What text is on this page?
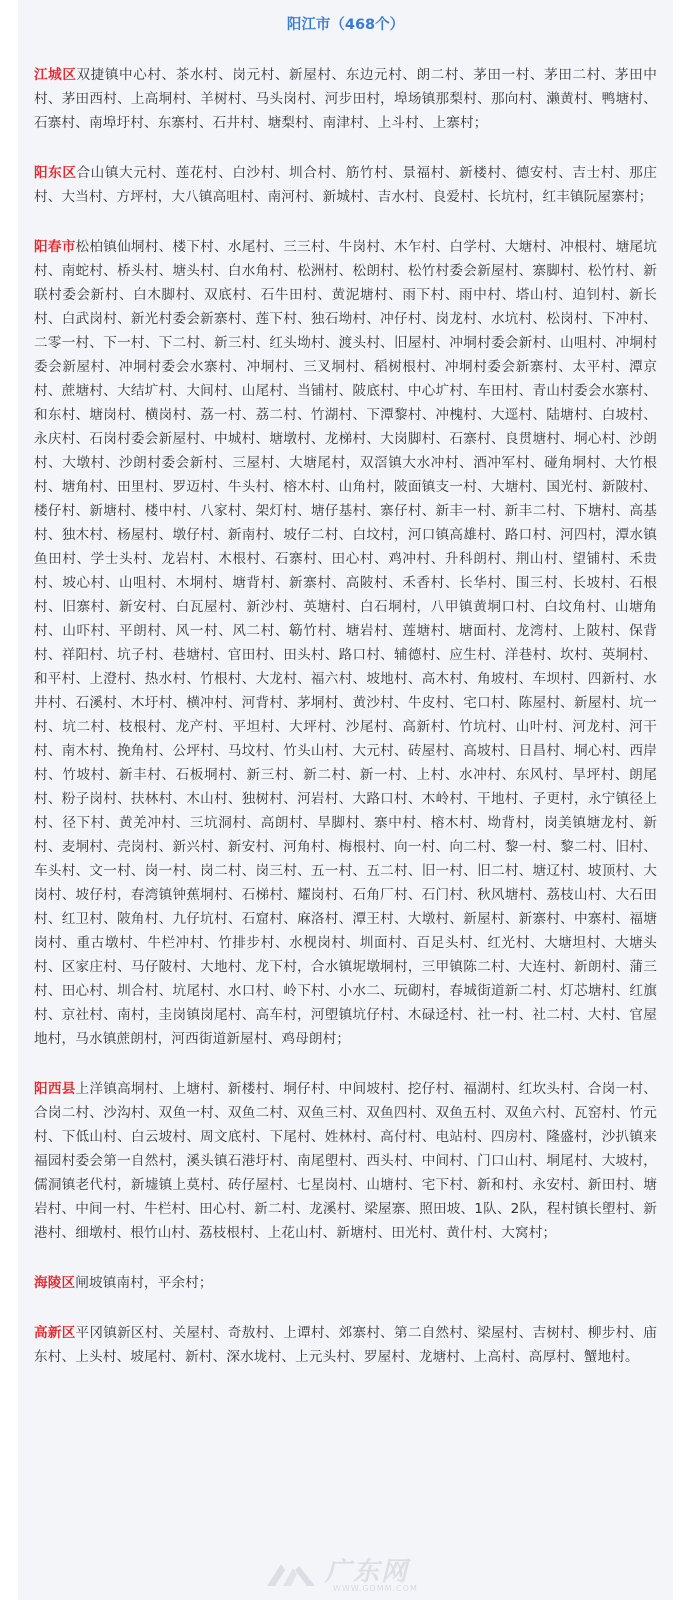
阳江市（468个）
江城区双捷镇中心村、茶水村、岗元村、新屋村、东边元村、朗二村、茅田一村、茅田二村、茅田中村、茅田西村、上高垌村、羊树村、马头岗村、河步田村，埠场镇那梨村、那向村、濑黄村、鸭塘村、石寨村、南埠圩村、东寨村、石井村、塘梨村、南津村、上斗村、上寨村；
阳东区合山镇大元村、莲花村、白沙村、圳合村、筋竹村、景福村、新楼村、德安村、吉士村、那庄村、大当村、方坪村，大八镇高咀村、南河村、新城村、吉水村、良爱村、长坑村，红丰镇阮屋寨村；
阳春市松柏镇仙垌村、楼下村、水尾村、三三村、牛岗村、木乍村、白学村、大塘村、冲根村、塘尾坑村、南蛇村、桥头村、塘头村、白水角村、松洲村、松朗村、松竹村委会新屋村、寨脚村、松竹村、新联村委会新村、白木脚村、双底村、石牛田村、黄泥塘村、雨下村、雨中村、塔山村、迫钊村、新长村、白武岗村、新光村委会新寨村、莲下村、独石坳村、冲仔村、岗龙村、水坑村、松岗村、下冲村、二零一村、下一村、下二村、新三村、红头坳村、渡头村、旧屋村、冲垌村委会新村、山咀村、冲垌村委会新屋村、冲垌村委会水寨村、冲垌村、三叉垌村、稻树根村、冲垌村委会新寨村、太平村、潭京村、蔗塘村、大结圹村、大间村、山尾村、当铺村、陂底村、中心圹村、车田村、青山村委会水寨村、和东村、塘岗村、横岗村、荔一村、荔二村、竹湖村、下潭黎村、冲槐村、大逕村、陆塘村、白坡村、永庆村、石岗村委会新屋村、中城村、塘墩村、龙梯村、大岗脚村、石寨村、良贯塘村、垌心村、沙朗村、大墩村、沙朗村委会新村、三屋村、大塘尾村，双滘镇大水冲村、酒冲军村、碰角垌村、大竹根村、塘角村、田里村、罗迈村、牛头村、榕木村、山角村，陂面镇支一村、大塘村、国光村、新陂村、楼仔村、新塘村、楼中村、八家村、架灯村、塘仔基村、寨仔村、新丰一村、新丰二村、下塘村、高基村、独木村、杨屋村、墩仔村、新南村、坡仔二村、白坟村，河口镇高雄村、路口村、河四村，潭水镇鱼田村、学士头村、龙岩村、木根村、石寨村、田心村、鸡冲村、升科朗村、荆山村、望铺村、禾贵村、坡心村、山咀村、木垌村、塘背村、新寨村、高陂村、禾香村、长华村、围三村、长坡村、石根村、旧寨村、新安村、白瓦屋村、新沙村、英塘村、白石垌村，八甲镇黄垌口村、白坟角村、山塘角村、山吓村、平朗村、风一村、风二村、簕竹村、塘岩村、莲塘村、塘面村、龙湾村、上陂村、保背村、祥阳村、坑子村、巷塘村、官田村、田头村、路口村、辅德村、应生村、洋巷村、坎村、英垌村、和平村、上澄村、热水村、竹根村、大龙村、福六村、坡地村、高木村、角坡村、车坝村、四新村、水井村、石溪村、木圩村、横冲村、河背村、茅垌村、黄沙村、牛皮村、宅口村、陈屋村、新屋村、坑一村、坑二村、枝根村、龙产村、平坦村、大坪村、沙尾村、高新村、竹坑村、山叶村、河龙村、河干村、南木村、挽角村、公坪村、马坟村、竹头山村、大元村、砖屋村、高坡村、日昌村、垌心村、西岸村、竹坡村、新丰村、石板垌村、新三村、新二村、新一村、上村、水冲村、东风村、旱坪村、朗尾村、粉子岗村、扶林村、木山村、独树村、河岩村、大路口村、木岭村、干地村、子更村，永宁镇径上村、径下村、黄羌冲村、三坑洞村、高朗村、旱脚村、寨中村、榕木村、坳背村，岗美镇塘龙村、新村、麦垌村、壳岗村、新兴村、新安村、河角村、梅根村、向一村、向二村、黎一村、黎二村、旧村、车头村、文一村、岗一村、岗二村、岗三村、五一村、五二村、旧一村、旧二村、塘辽村、坡顶村、大岗村、坡仔村，春湾镇钟蕉垌村、石梯村、耀岗村、石角厂村、石门村、秋风塘村、荔枝山村、大石田村、红卫村、陂角村、九仔坑村、石窟村、麻洛村、潭王村、大墩村、新屋村、新寨村、中寨村、福塘岗村、重古墩村、牛栏冲村、竹排步村、水枧岗村、圳面村、百足头村、红光村、大塘坦村、大塘头村、区家庄村、马仔陂村、大地村、龙下村，合水镇坭墩垌村，三甲镇陈二村、大连村、新朗村、蒲三村、田心村、圳合村、坑尾村、水口村、岭下村、小水二、玩砌村，春城街道新二村、灯芯塘村、红旗村、京社村、南村，圭岗镇岗尾村、高车村，河塱镇坑仔村、木碌迳村、社一村、社二村、大村、官屋地村，马水镇蔗朗村，河西街道新屋村、鸡母朗村；
阳西县上洋镇高垌村、上塘村、新楼村、垌仔村、中间坡村、挖仔村、福湖村、红坎头村、合岗一村、合岗二村、沙沟村、双鱼一村、双鱼二村、双鱼三村、双鱼四村、双鱼五村、双鱼六村、瓦窑村、竹元村、下低山村、白云坡村、周文底村、下尾村、姓林村、高付村、电站村、四房村、隆盛村，沙扒镇来福园村委会第一自然村，溪头镇石港圩村、南尾塱村、西头村、中间村、门口山村、垌尾村、大坡村，儒洞镇老代村，新墟镇上莫村、砖仔屋村、七星岗村、山塘村、宅下村、新和村、永安村、新田村、塘岩村、中间一村、牛栏村、田心村、新二村、龙溪村、梁屋寨、照田坡、1队、2队，程村镇长塱村、新港村、细墩村、根竹山村、荔枝根村、上花山村、新塘村、田光村、黄什村、大窝村；
海陵区闸坡镇南村，平余村；
高新区平冈镇新区村、关屋村、奇敖村、上谭村、郊寨村、第二自然村、梁屋村、吉树村、柳步村、庙东村、上头村、坡尾村、新村、深水垅村、上元头村、罗屋村、龙塘村、上高村、高厚村、蟹地村。
广东网
WWW.GDMM.COM
